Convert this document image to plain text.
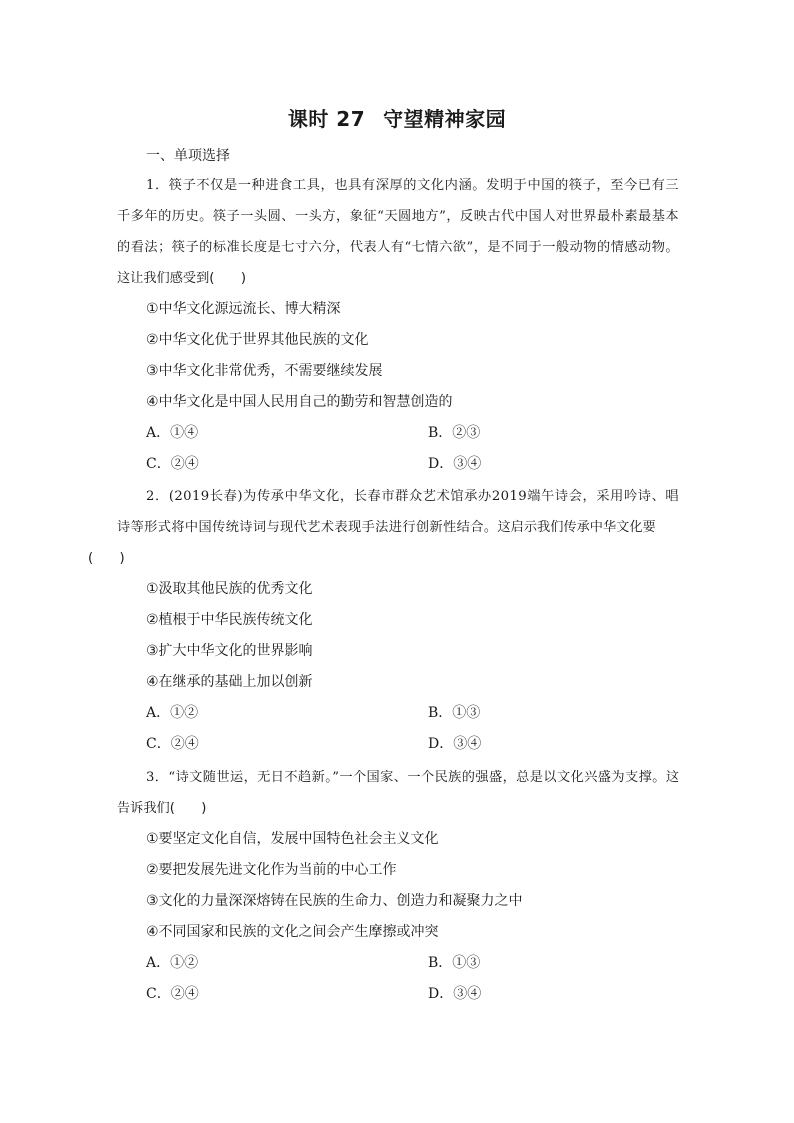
课时 27 守望精神家园
一、单项选择
1．筷子不仅是一种进食工具，也具有深厚的文化内涵。发明于中国的筷子，至今已有三千多年的历史。筷子一头圆、一头方，象征“天圆地方”，反映古代中国人对世界最朴素最基本的看法；筷子的标准长度是七寸六分，代表人有“七情六欲”，是不同于一般动物的情感动物。这让我们感受到(　　)
①中华文化源远流长、博大精深
②中华文化优于世界其他民族的文化
③中华文化非常优秀，不需要继续发展
④中华文化是中国人民用自己的勤劳和智慧创造的
A．①④	B．②③
C．②④	D．③④
2．(2019长春)为传承中华文化，长春市群众艺术馆承办2019端午诗会，采用吟诗、唱诗等形式将中国传统诗词与现代艺术表现手法进行创新性结合。这启示我们传承中华文化要
(　　)
①汲取其他民族的优秀文化
②植根于中华民族传统文化
③扩大中华文化的世界影响
④在继承的基础上加以创新
A．①②	B．①③
C．②④	D．③④
3．“诗文随世运，无日不趋新。”一个国家、一个民族的强盛，总是以文化兴盛为支撑。这告诉我们(　　)
①要坚定文化自信，发展中国特色社会主义文化
②要把发展先进文化作为当前的中心工作
③文化的力量深深熔铸在民族的生命力、创造力和凝聚力之中
④不同国家和民族的文化之间会产生摩擦或冲突
A．①②	B．①③
C．②④	D．③④
